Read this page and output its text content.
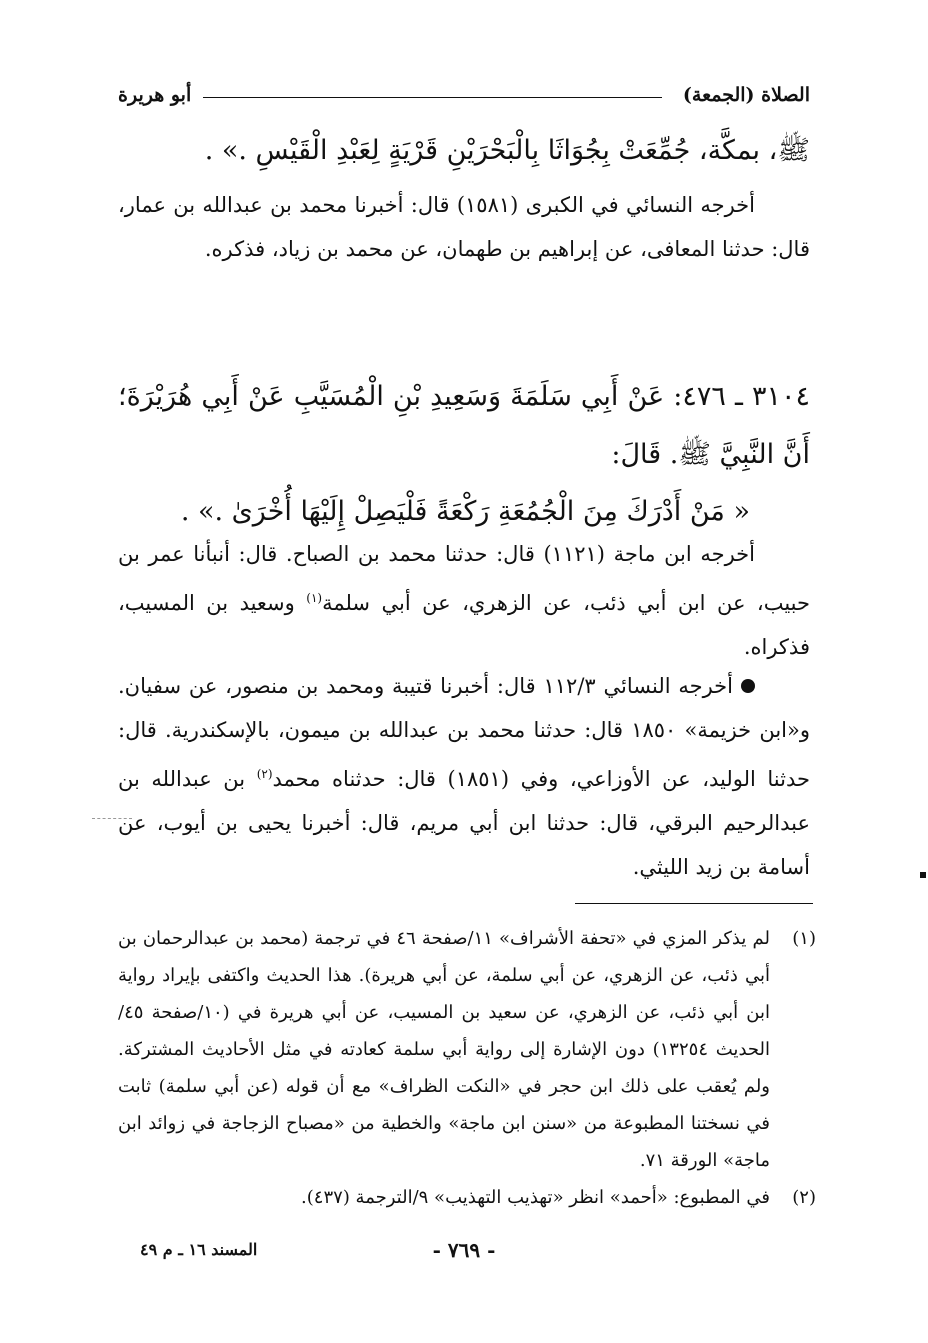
الصلاة (الجمعة)
أبو هريرة
ﷺ، بمكَّة، جُمِّعَتْ بِجُوَاثَا بِالْبَحْرَيْنِ قَرْيَةٍ لِعَبْدِ الْقَيْسِ .» .
أخرجه النسائي في الكبرى (١٥٨١) قال: أخبرنا محمد بن عبدالله بن عمار، قال: حدثنا المعافى، عن إبراهيم بن طهمان، عن محمد بن زياد، فذكره.
٣١٠٤ ـ ٤٧٦: عَنْ أَبِي سَلَمَةَ وَسَعِيدِ بْنِ الْمُسَيَّبِ عَنْ أَبِي هُرَيْرَةَ؛ أَنَّ النَّبِيَّ ﷺ. قَالَ:
« مَنْ أَدْرَكَ مِنَ الْجُمُعَةِ رَكْعَةً فَلْيَصِلْ إِلَيْهَا أُخْرَىٰ .» .
أخرجه ابن ماجة (١١٢١) قال: حدثنا محمد بن الصباح. قال: أنبأنا عمر بن حبيب، عن ابن أبي ذئب، عن الزهري، عن أبي سلمة$^{(١)}$ وسعيد بن المسيب، فذكراه.
أخرجه النسائي ١١٢/٣ قال: أخبرنا قتيبة ومحمد بن منصور، عن سفيان. و«ابن خزيمة» ١٨٥٠ قال: حدثنا محمد بن عبدالله بن ميمون، بالإسكندرية. قال: حدثنا الوليد، عن الأوزاعي، وفي (١٨٥١) قال: حدثناه محمد$^{(٢)}$ بن عبدالله بن عبدالرحيم البرقي، قال: حدثنا ابن أبي مريم، قال: أخبرنا يحيى بن أيوب، عن أسامة بن زيد الليثي.
(١)
لم يذكر المزي في «تحفة الأشراف» ١١/صفحة ٤٦ في ترجمة (محمد بن عبدالرحمان بن أبي ذئب، عن الزهري، عن أبي سلمة، عن أبي هريرة). هذا الحديث واكتفى بإيراد رواية ابن أبي ذئب، عن الزهري، عن سعيد بن المسيب، عن أبي هريرة في (١٠/صفحة ٤٥/الحديث ١٣٢٥٤) دون الإشارة إلى رواية أبي سلمة كعادته في مثل الأحاديث المشتركة. ولم يُعقب على ذلك ابن حجر في «النكت الظراف» مع أن قوله (عن أبي سلمة) ثابت في نسختنا المطبوعة من «سنن ابن ماجة» والخطية من «مصباح الزجاجة في زوائد ابن ماجة» الورقة ٧١.
(٢)
في المطبوع: «أحمد» انظر «تهذيب التهذيب» ٩/الترجمة (٤٣٧).
- ٧٦٩ -
المسند ١٦ ـ م ٤٩
